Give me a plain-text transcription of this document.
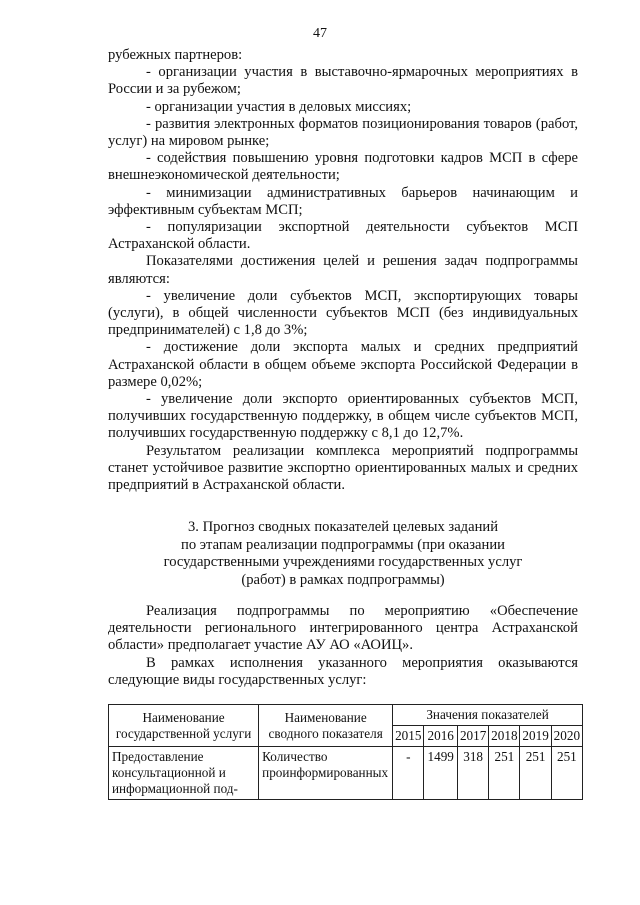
47

рубежных партнеров:

- организации участия в выставочно-ярмарочных мероприятиях в России и за рубежом;

- организации участия в деловых миссиях;

- развития электронных форматов позиционирования товаров (работ, услуг) на мировом рынке;

- содействия повышению уровня подготовки кадров МСП в сфере внешнеэкономической деятельности;

- минимизации административных барьеров начинающим и эффективным субъектам МСП;

- популяризации экспортной деятельности субъектов МСП Астраханской области.

Показателями достижения целей и решения задач подпрограммы являются:

- увеличение доли субъектов МСП, экспортирующих товары (услуги), в общей численности субъектов МСП (без индивидуальных предпринимателей) с 1,8 до 3%;

- достижение доли экспорта малых и средних предприятий Астраханской области в общем объеме экспорта Российской Федерации в размере 0,02%;

- увеличение доли экспорто ориентированных субъектов МСП, получивших государственную поддержку, в общем числе субъектов МСП, получивших государственную поддержку с 8,1 до 12,7%.

Результатом реализации комплекса мероприятий подпрограммы станет устойчивое развитие экспортно ориентированных малых и средних предприятий в Астраханской области.

3. Прогноз сводных показателей целевых заданий
по этапам реализации подпрограммы (при оказании
государственными учреждениями государственных услуг
(работ) в рамках подпрограммы)

Реализация подпрограммы по мероприятию «Обеспечение деятельности регионального интегрированного центра Астраханской области» предполагает участие АУ АО «АОИЦ».

В рамках исполнения указанного мероприятия оказываются следующие виды государственных услуг:

Наименование государственной услуги	Наименование сводного показателя	Значения показателей					
		2015	2016	2017	2018	2019	2020
Предоставление консультационной и информационной под-	Количество проинформированных	-	1499	318	251	251	251
